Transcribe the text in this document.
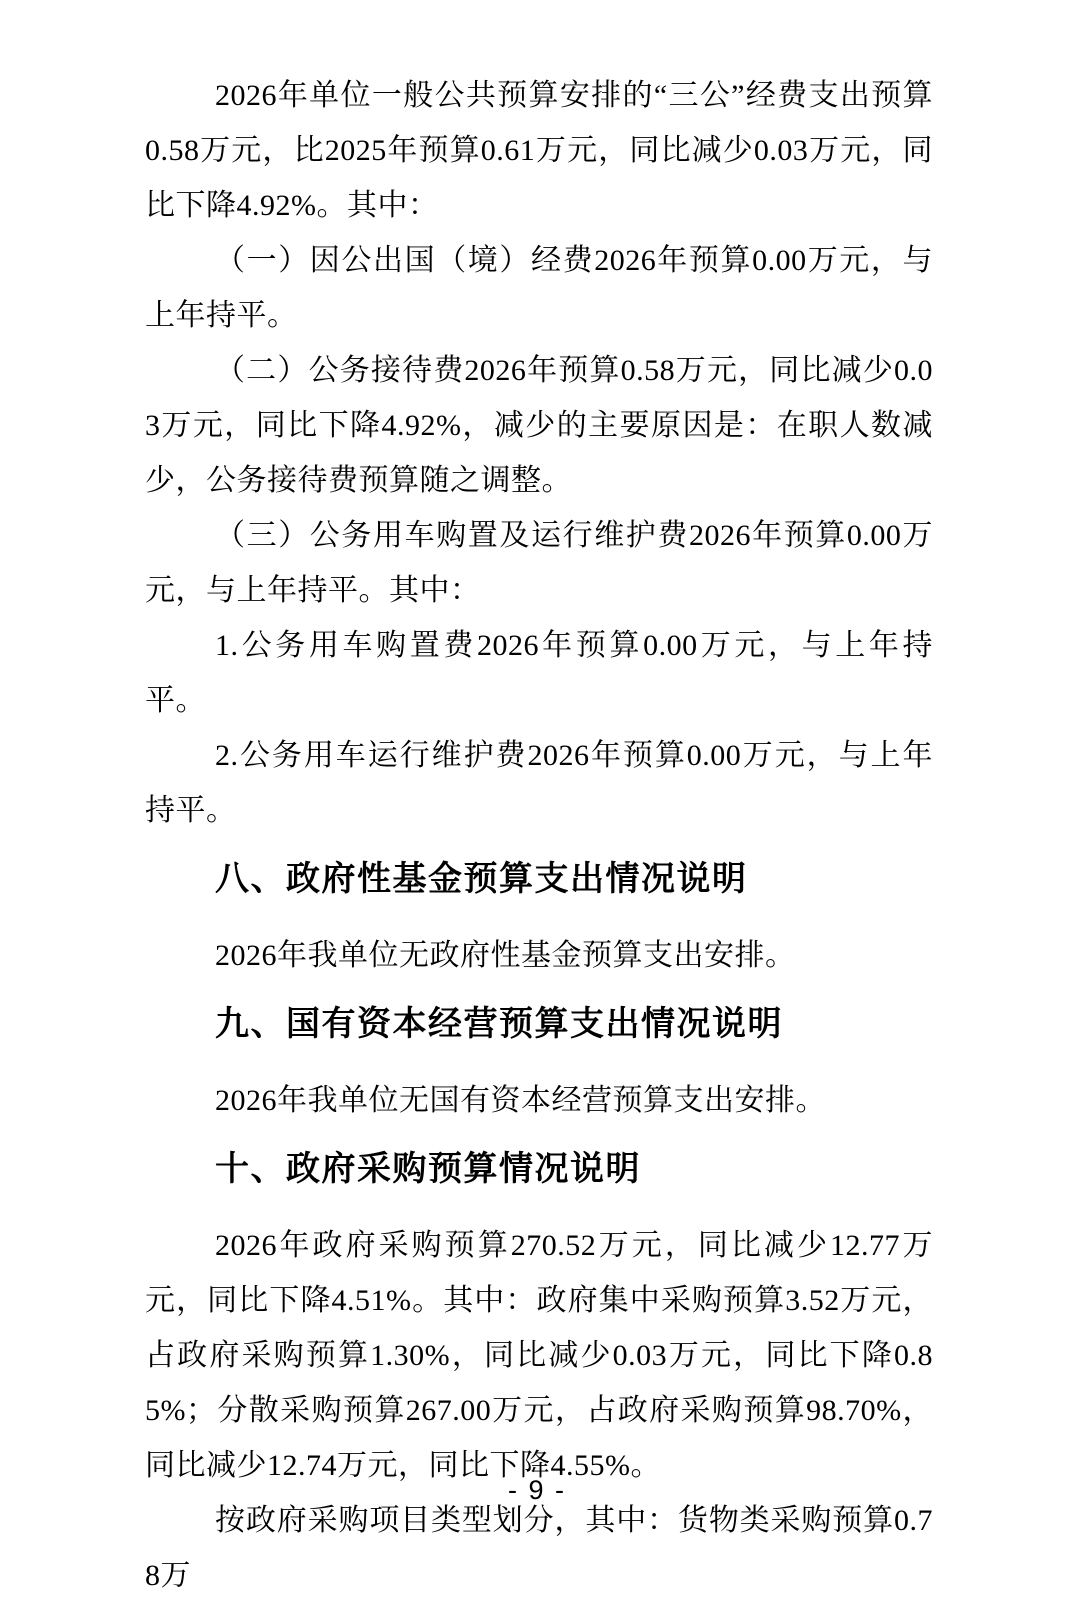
2026年单位一般公共预算安排的“三公”经费支出预算0.58万元，比2025年预算0.61万元，同比减少0.03万元，同比下降4.92%。其中：

（一）因公出国（境）经费2026年预算0.00万元，与上年持平。

（二）公务接待费2026年预算0.58万元，同比减少0.03万元，同比下降4.92%，减少的主要原因是：在职人数减少，公务接待费预算随之调整。

（三）公务用车购置及运行维护费2026年预算0.00万元，与上年持平。其中：

1.公务用车购置费2026年预算0.00万元，与上年持平。

2.公务用车运行维护费2026年预算0.00万元，与上年持平。

八、政府性基金预算支出情况说明

2026年我单位无政府性基金预算支出安排。

九、国有资本经营预算支出情况说明

2026年我单位无国有资本经营预算支出安排。

十、政府采购预算情况说明

2026年政府采购预算270.52万元，同比减少12.77万元，同比下降4.51%。其中：政府集中采购预算3.52万元，占政府采购预算1.30%，同比减少0.03万元，同比下降0.85%；分散采购预算267.00万元，占政府采购预算98.70%，同比减少12.74万元，同比下降4.55%。

按政府采购项目类型划分，其中：货物类采购预算0.78万

- 9 -
